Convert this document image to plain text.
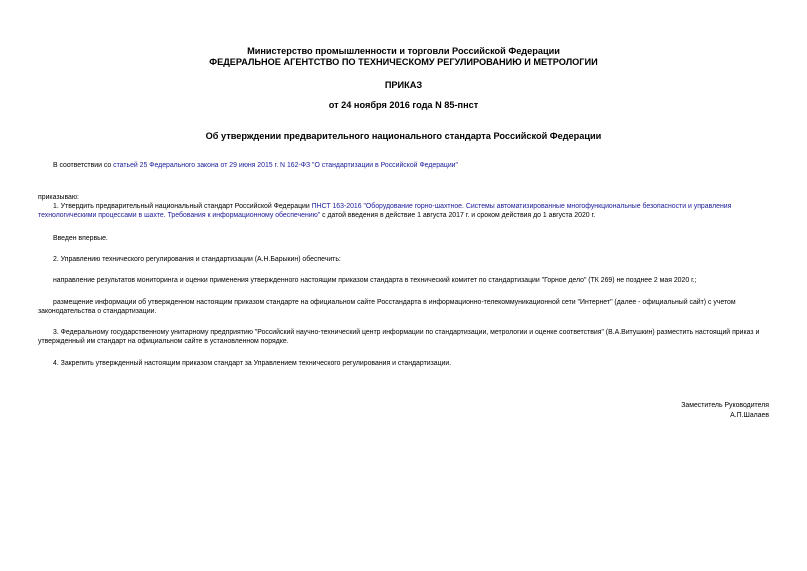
Министерство промышленности и торговли Российской Федерации
ФЕДЕРАЛЬНОЕ АГЕНТСТВО ПО ТЕХНИЧЕСКОМУ РЕГУЛИРОВАНИЮ И МЕТРОЛОГИИ
ПРИКАЗ
от 24 ноября 2016 года N 85-пнст
Об утверждении предварительного национального стандарта Российской Федерации
В соответствии со статьей 25 Федерального закона от 29 июня 2015 г. N 162-ФЗ "О стандартизации в Российской Федерации"
приказываю:
1. Утвердить предварительный национальный стандарт Российской Федерации ПНСТ 163-2016 "Оборудование горно-шахтное. Системы автоматизированные многофункциональные безопасности и управления технологическими процессами в шахте. Требования к информационному обеспечению" с датой введения в действие 1 августа 2017 г. и сроком действия до 1 августа 2020 г.
Введен впервые.
2. Управлению технического регулирования и стандартизации (А.Н.Барыкин) обеспечить:
направление результатов мониторинга и оценки применения утвержденного настоящим приказом стандарта в технический комитет по стандартизации "Горное дело" (ТК 269) не позднее 2 мая 2020 г.;
размещение информации об утвержденном настоящим приказом стандарте на официальном сайте Росстандарта в информационно-телекоммуникационной сети "Интернет" (далее - официальный сайт) с учетом законодательства о стандартизации.
3. Федеральному государственному унитарному предприятию "Российский научно-технический центр информации по стандартизации, метрологии и оценке соответствия" (В.А.Витушкин) разместить настоящий приказ и утвержденный им стандарт на официальном сайте в установленном порядке.
4. Закрепить утвержденный настоящим приказом стандарт за Управлением технического регулирования и стандартизации.
Заместитель Руководителя
А.П.Шалаев
